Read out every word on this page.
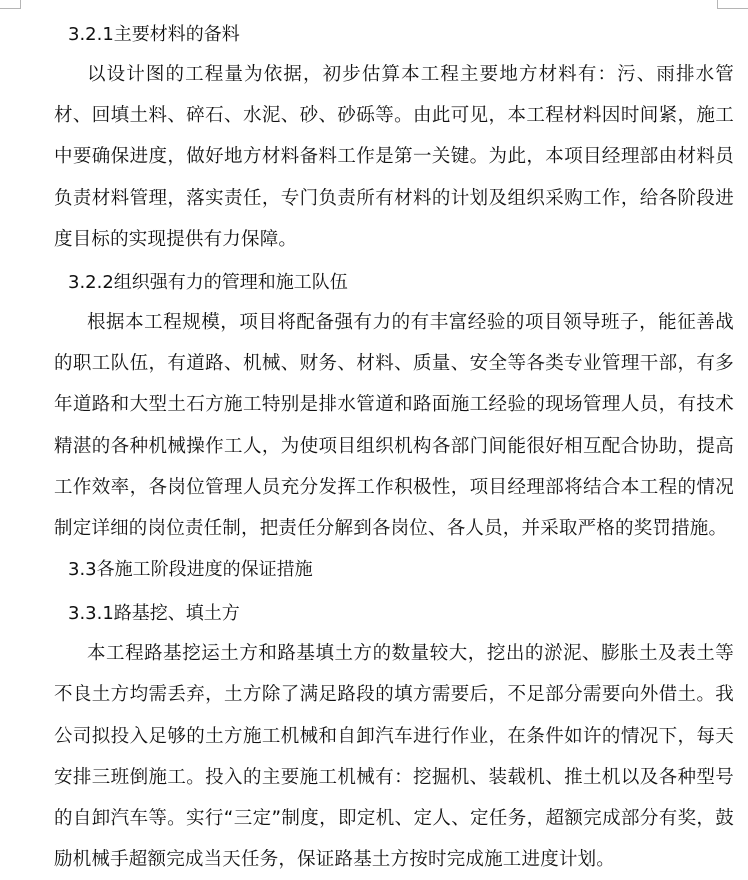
3.2.1主要材料的备料

以设计图的工程量为依据，初步估算本工程主要地方材料有：污、雨排水管材、回填土料、碎石、水泥、砂、砂砾等。由此可见，本工程材料因时间紧，施工中要确保进度，做好地方材料备料工作是第一关键。为此，本项目经理部由材料员负责材料管理，落实责任，专门负责所有材料的计划及组织采购工作，给各阶段进度目标的实现提供有力保障。

3.2.2组织强有力的管理和施工队伍

根据本工程规模，项目将配备强有力的有丰富经验的项目领导班子，能征善战的职工队伍，有道路、机械、财务、材料、质量、安全等各类专业管理干部，有多年道路和大型土石方施工特别是排水管道和路面施工经验的现场管理人员，有技术精湛的各种机械操作工人，为使项目组织机构各部门间能很好相互配合协助，提高工作效率，各岗位管理人员充分发挥工作积极性，项目经理部将结合本工程的情况制定详细的岗位责任制，把责任分解到各岗位、各人员，并采取严格的奖罚措施。

3.3各施工阶段进度的保证措施

3.3.1路基挖、填土方

本工程路基挖运土方和路基填土方的数量较大，挖出的淤泥、膨胀土及表土等不良土方均需丢弃，土方除了满足路段的填方需要后，不足部分需要向外借土。我公司拟投入足够的土方施工机械和自卸汽车进行作业，在条件如许的情况下，每天安排三班倒施工。投入的主要施工机械有：挖掘机、装载机、推土机以及各种型号的自卸汽车等。实行“三定”制度，即定机、定人、定任务，超额完成部分有奖，鼓励机械手超额完成当天任务，保证路基土方按时完成施工进度计划。
